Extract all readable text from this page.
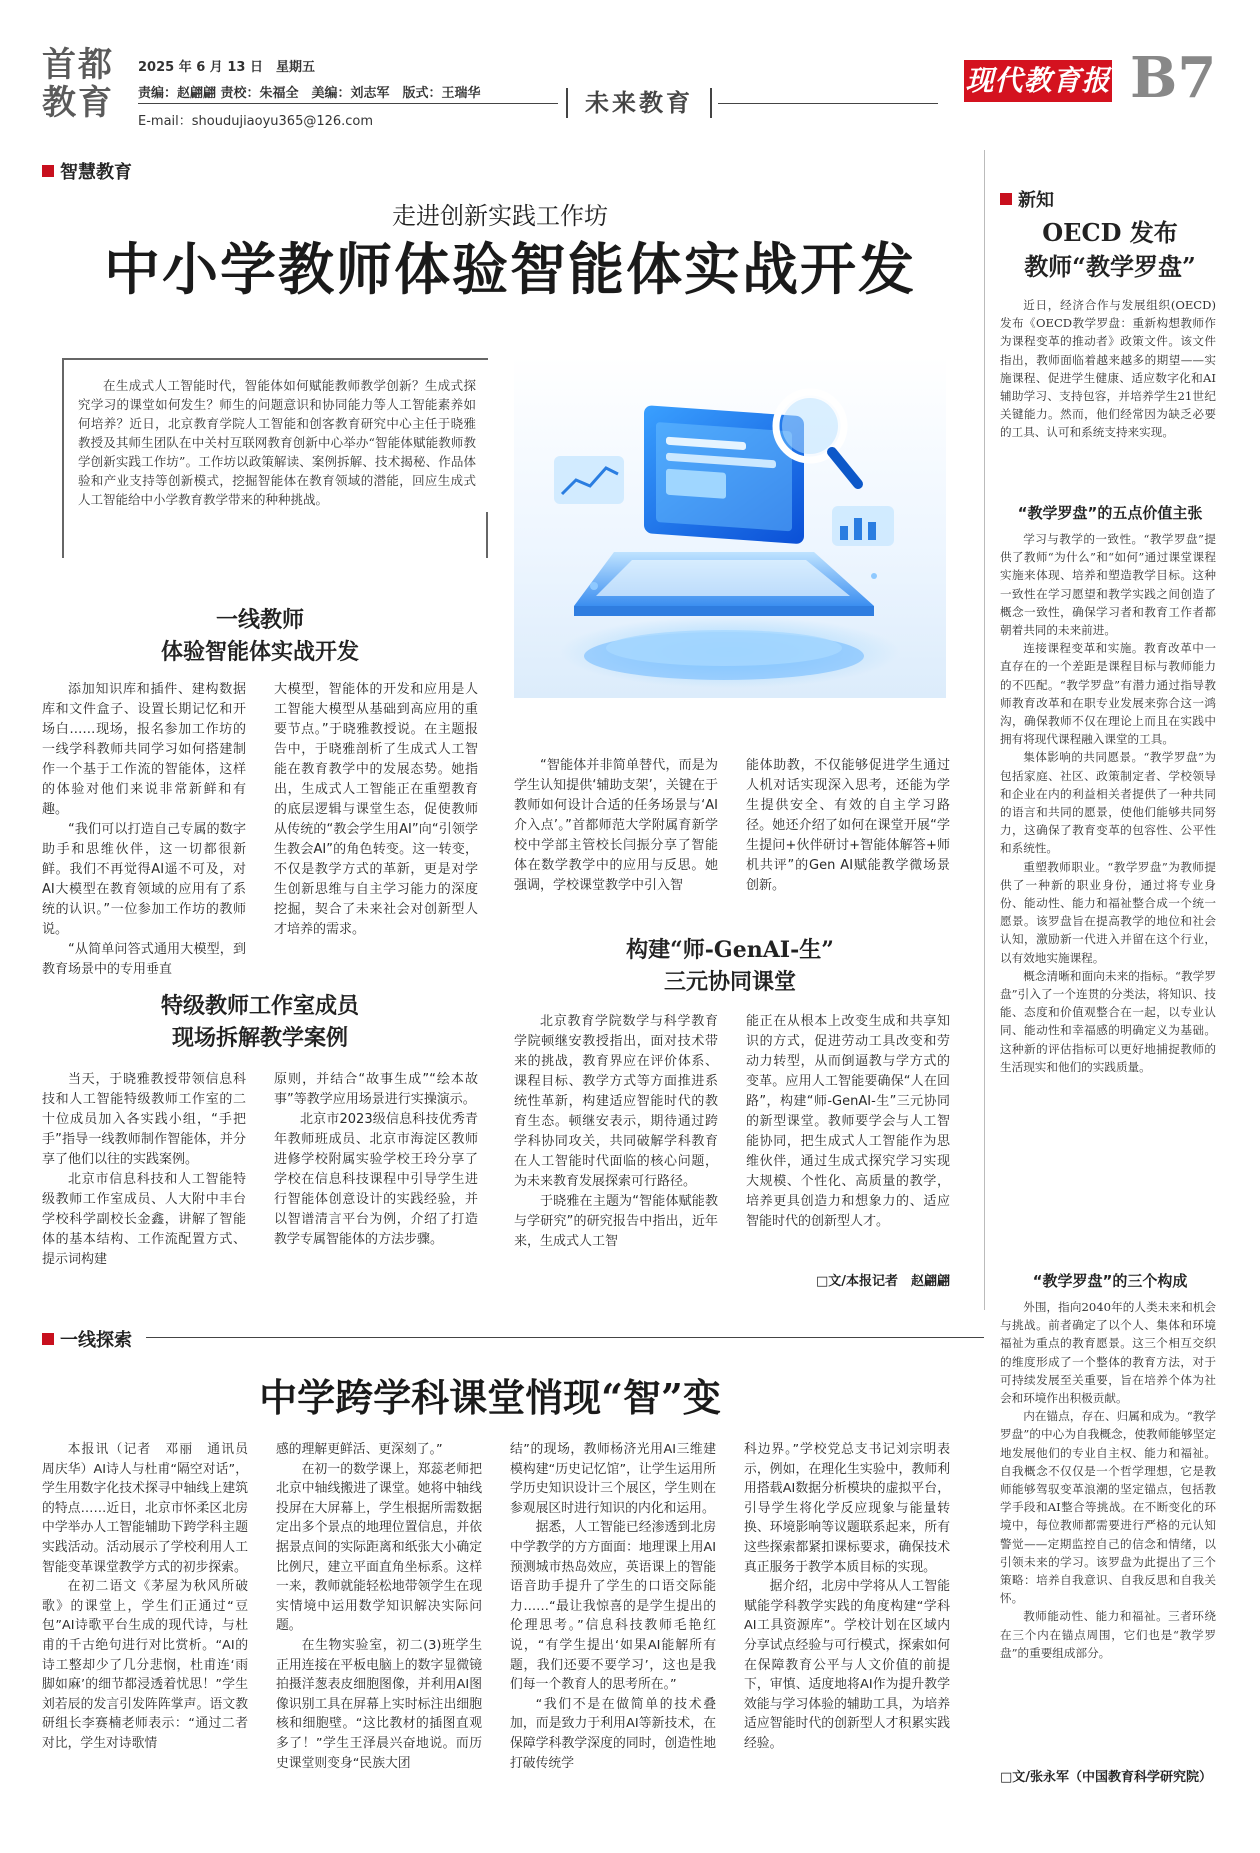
首都教育
2025 年 6 月 13 日　星期五
责编：赵翩翩 责校：朱福全　美编：刘志军　版式：王瑞华
E-mail：shoudujiaoyu365@126.com
未来教育
现代教育报 B7
智慧教育
走进创新实践工作坊
中小学教师体验智能体实战开发

在生成式人工智能时代，智能体如何赋能教师教学创新？生成式探究学习的课堂如何发生？师生的问题意识和协同能力等人工智能素养如何培养？近日，北京教育学院人工智能和创客教育研究中心主任于晓雅教授及其师生团队在中关村互联网教育创新中心举办“智能体赋能教师教学创新实践工作坊”。工作坊以政策解读、案例拆解、技术揭秘、作品体验和产业支持等创新模式，挖掘智能体在教育领域的潜能，回应生成式人工智能给中小学教育教学带来的种种挑战。

一线教师
体验智能体实战开发

添加知识库和插件、建构数据库和文件盒子、设置长期记忆和开场白……现场，报名参加工作坊的一线学科教师共同学习如何搭建制作一个基于工作流的智能体，这样的体验对他们来说非常新鲜和有趣。

“我们可以打造自己专属的数字助手和思维伙伴，这一切都很新鲜。我们不再觉得AI遥不可及，对AI大模型在教育领域的应用有了系统的认识。”一位参加工作坊的教师说。

“从简单问答式通用大模型，到教育场景中的专用垂直

大模型，智能体的开发和应用是人工智能大模型从基础到高应用的重要节点。”于晓雅教授说。在主题报告中，于晓雅剖析了生成式人工智能在教育教学中的发展态势。她指出，生成式人工智能正在重塑教育的底层逻辑与课堂生态，促使教师从传统的“教会学生用AI”向“引领学生教会AI”的角色转变。这一转变，不仅是教学方式的革新，更是对学生创新思维与自主学习能力的深度挖掘，契合了未来社会对创新型人才培养的需求。

特级教师工作室成员
现场拆解教学案例

当天，于晓雅教授带领信息科技和人工智能特级教师工作室的二十位成员加入各实践小组，“手把手”指导一线教师制作智能体，并分享了他们以往的实践案例。

北京市信息科技和人工智能特级教师工作室成员、人大附中丰台学校科学副校长金鑫，讲解了智能体的基本结构、工作流配置方式、提示词构建

原则，并结合“故事生成”“绘本故事”等教学应用场景进行实操演示。

北京市2023级信息科技优秀青年教师班成员、北京市海淀区教师进修学校附属实验学校王玲分享了学校在信息科技课程中引导学生进行智能体创意设计的实践经验，并以智谱清言平台为例，介绍了打造教学专属智能体的方法步骤。

“智能体并非简单替代，而是为学生认知提供‘辅助支架’，关键在于教师如何设计合适的任务场景与‘AI介入点’。”首都师范大学附属育新学校中学部主管校长闫振分享了智能体在数学教学中的应用与反思。她强调，学校课堂教学中引入智

能体助教，不仅能够促进学生通过人机对话实现深入思考，还能为学生提供安全、有效的自主学习路径。她还介绍了如何在课堂开展“学生提问+伙伴研讨+智能体解答+师机共评”的Gen AI赋能教学微场景创新。

构建“师-GenAI-生”
三元协同课堂

北京教育学院数学与科学教育学院顿继安教授指出，面对技术带来的挑战，教育界应在评价体系、课程目标、教学方式等方面推进系统性革新，构建适应智能时代的教育生态。顿继安表示，期待通过跨学科协同攻关，共同破解学科教育在人工智能时代面临的核心问题，为未来教育发展探索可行路径。

于晓雅在主题为“智能体赋能教与学研究”的研究报告中指出，近年来，生成式人工智

能正在从根本上改变生成和共享知识的方式，促进劳动工具改变和劳动力转型，从而倒逼教与学方式的变革。应用人工智能要确保“人在回路”，构建“师-GenAI-生”三元协同的新型课堂。教师要学会与人工智能协同，把生成式人工智能作为思维伙伴，通过生成式探究学习实现大规模、个性化、高质量的教学，培养更具创造力和想象力的、适应智能时代的创新型人才。

□文/本报记者　赵翩翩
新知
OECD 发布
教师“教学罗盘”

近日，经济合作与发展组织(OECD)发布《OECD教学罗盘：重新构想教师作为课程变革的推动者》政策文件。该文件指出，教师面临着越来越多的期望——实施课程、促进学生健康、适应数字化和AI辅助学习、支持包容，并培养学生21世纪关键能力。然而，他们经常因为缺乏必要的工具、认可和系统支持来实现。

“教学罗盘”的五点价值主张

学习与教学的一致性。“教学罗盘”提供了教师“为什么”和“如何”通过课堂课程实施来体现、培养和塑造教学目标。这种一致性在学习愿望和教学实践之间创造了概念一致性，确保学习者和教育工作者都朝着共同的未来前进。

连接课程变革和实施。教育改革中一直存在的一个差距是课程目标与教师能力的不匹配。“教学罗盘”有潜力通过指导教师教育改革和在职专业发展来弥合这一鸿沟，确保教师不仅在理论上而且在实践中拥有将现代课程融入课堂的工具。

集体影响的共同愿景。“教学罗盘”为包括家庭、社区、政策制定者、学校领导和企业在内的利益相关者提供了一种共同的语言和共同的愿景，使他们能够共同努力，这确保了教育变革的包容性、公平性和系统性。

重塑教师职业。“教学罗盘”为教师提供了一种新的职业身份，通过将专业身份、能动性、能力和福祉整合成一个统一愿景。该罗盘旨在提高教学的地位和社会认知，激励新一代进入并留在这个行业，以有效地实施课程。

概念清晰和面向未来的指标。“教学罗盘”引入了一个连贯的分类法，将知识、技能、态度和价值观整合在一起，以专业认同、能动性和幸福感的明确定义为基础。这种新的评估指标可以更好地捕捉教师的生活现实和他们的实践质量。

“教学罗盘”的三个构成

外围，指向2040年的人类未来和机会与挑战。前者确定了以个人、集体和环境福祉为重点的教育愿景。这三个相互交织的维度形成了一个整体的教育方法，对于可持续发展至关重要，旨在培养个体为社会和环境作出积极贡献。

内在锚点，存在、归属和成为。“教学罗盘”的中心为自我概念，使教师能够坚定地发展他们的专业自主权、能力和福祉。自我概念不仅仅是一个哲学理想，它是教师能够驾驭变革浪潮的坚定锚点，包括教学手段和AI整合等挑战。在不断变化的环境中，每位教师都需要进行严格的元认知警觉——定期监控自己的信念和情绪，以引领未来的学习。该罗盘为此提出了三个策略：培养自我意识、自我反思和自我关怀。

教师能动性、能力和福祉。三者环绕在三个内在锚点周围，它们也是“教学罗盘”的重要组成部分。

□文/张永军（中国教育科学研究院）
一线探索
中学跨学科课堂悄现“智”变

本报讯（记者　邓丽　通讯员　周庆华）AI诗人与杜甫“隔空对话”，学生用数字化技术探寻中轴线上建筑的特点……近日，北京市怀柔区北房中学举办人工智能辅助下跨学科主题实践活动。活动展示了学校利用人工智能变革课堂教学方式的初步探索。

在初二语文《茅屋为秋风所破歌》的课堂上，学生们正通过“豆包”AI诗歌平台生成的现代诗，与杜甫的千古绝句进行对比赏析。“AI的诗工整却少了几分悲悯，杜甫连‘雨脚如麻’的细节都浸透着忧思！”学生刘若辰的发言引发阵阵掌声。语文教研组长李赛楠老师表示：“通过二者对比，学生对诗歌情

感的理解更鲜活、更深刻了。”

在初一的数学课上，郑蕊老师把北京中轴线搬进了课堂。她将中轴线投屏在大屏幕上，学生根据所需数据定出多个景点的地理位置信息，并依据景点间的实际距离和纸张大小确定比例尺，建立平面直角坐标系。这样一来，教师就能轻松地带领学生在现实情境中运用数学知识解决实际问题。

在生物实验室，初二(3)班学生正用连接在平板电脑上的数字显微镜拍摄洋葱表皮细胞图像，并利用AI图像识别工具在屏幕上实时标注出细胞核和细胞壁。“这比教材的插图直观多了！”学生王泽晨兴奋地说。而历史课堂则变身“民族大团

结”的现场，教师杨济光用AI三维建模构建“历史记忆馆”，让学生运用所学历史知识设计三个展区，学生则在参观展区时进行知识的内化和运用。

据悉，人工智能已经渗透到北房中学教学的方方面面：地理课上用AI预测城市热岛效应，英语课上的智能语音助手提升了学生的口语交际能力……“最让我惊喜的是学生提出的伦理思考。”信息科技教师毛艳红说，“有学生提出‘如果AI能解所有题，我们还要不要学习’，这也是我们每一个教育人的思考所在。”

“我们不是在做简单的技术叠加，而是致力于利用AI等新技术，在保障学科教学深度的同时，创造性地打破传统学

科边界。”学校党总支书记刘宗明表示，例如，在理化生实验中，教师利用搭载AI数据分析模块的虚拟平台，引导学生将化学反应现象与能量转换、环境影响等议题联系起来，所有这些探索都紧扣课标要求，确保技术真正服务于教学本质目标的实现。

据介绍，北房中学将从人工智能赋能学科教学实践的角度构建“学科AI工具资源库”。学校计划在区域内分享试点经验与可行模式，探索如何在保障教育公平与人文价值的前提下，审慎、适度地将AI作为提升教学效能与学习体验的辅助工具，为培养适应智能时代的创新型人才积累实践经验。
